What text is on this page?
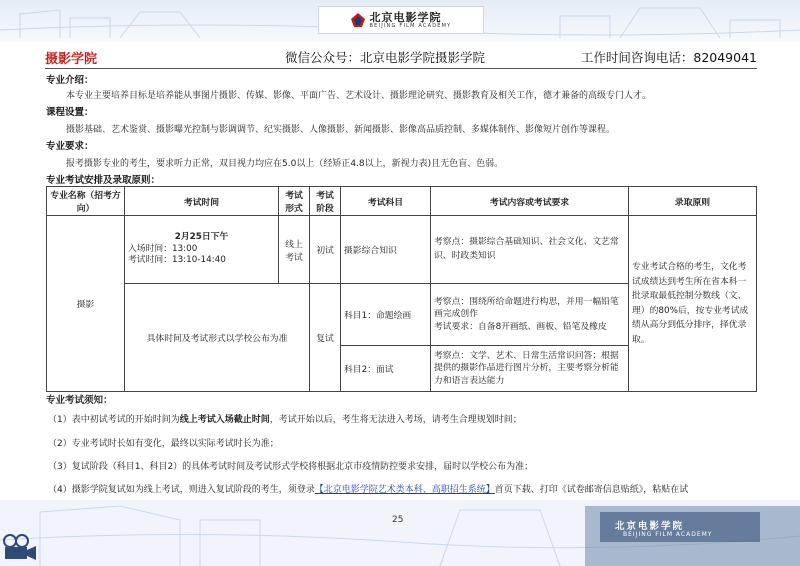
北京电影学院
BEIJING FILM ACADEMY
摄影学院	微信公众号：北京电影学院摄影学院	工作时间咨询电话：82049041
专业介绍：
本专业主要培养目标是培养能从事图片摄影、传媒、影像、平面广告、艺术设计、摄影理论研究、摄影教育及相关工作，德才兼备的高级专门人才。
课程设置：
摄影基础、艺术鉴赏、摄影曝光控制与影调调节、纪实摄影、人像摄影、新闻摄影、影像高品质控制、多媒体制作、影像短片创作等课程。
专业要求：
报考摄影专业的考生，要求听力正常，双目视力均应在5.0以上（经矫正4.8以上，新视力表)且无色盲、色弱。
专业考试安排及录取原则：
专业名称（招考方向）	考试时间	考试形式	考试阶段	考试科目	考试内容或考试要求	录取原则
摄影	2月25日下午
入场时间：13:00
考试时间：13:10-14:40	线上考试	初试	摄影综合知识	考察点：摄影综合基础知识、社会文化、文艺常识、时政类知识	专业考试合格的考生，文化考试成绩达到考生所在省本科一批录取最低控制分数线（文、理）的80%后，按专业考试成绩从高分到低分排序，择优录取。
	具体时间及考试形式以学校公布为准		复试	科目1：命题绘画	考察点：围绕所给命题进行构思，并用一幅铅笔画完成创作
考试要求：自备8开画纸、画板、铅笔及橡皮	

				科目2：面试	考察点：文学、艺术、日常生活常识问答；根据提供的摄影作品进行图片分析，主要考察分析能力和语言表达能力	
专业考试须知：
（1）表中初试考试的开始时间为线上考试入场截止时间，考试开始以后，考生将无法进入考场，请考生合理规划时间；
（2）专业考试时长如有变化，最终以实际考试时长为准；
（3）复试阶段（科目1、科目2）的具体考试时间及考试形式学校将根据北京市疫情防控要求安排，届时以学校公布为准；
（4）摄影学院复试如为线上考试，则进入复试阶段的考生，须登录【北京电影学院艺术类本科、高职招生系统】首页下载、打印《试卷邮寄信息贴纸》，粘贴在试
25
北京电影学院
BEIJING FILM ACADEMY
